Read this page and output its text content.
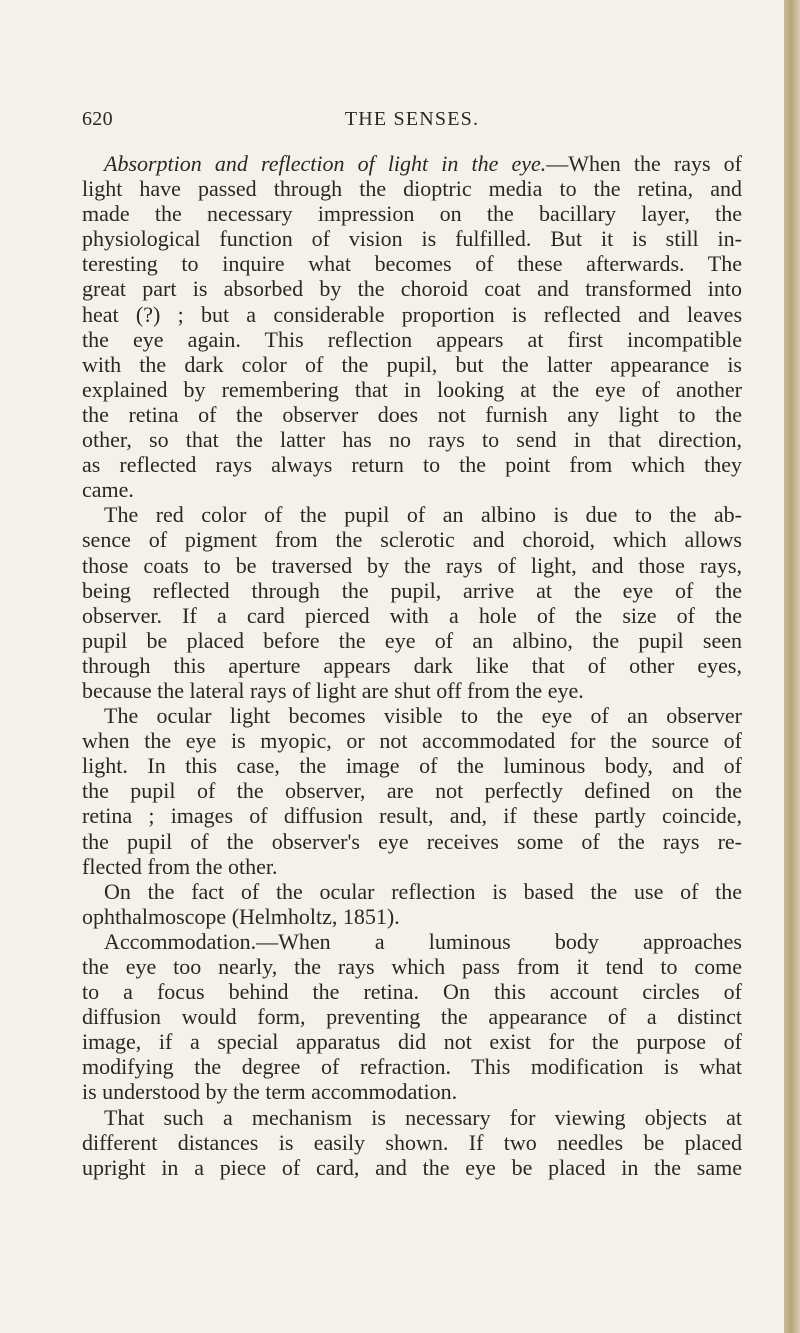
620	THE SENSES.
Absorption and reflection of light in the eye.—When the rays of
light have passed through the dioptric media to the retina, and
made the necessary impression on the bacillary layer, the
physiological function of vision is fulfilled. But it is still in-
teresting to inquire what becomes of these afterwards. The
great part is absorbed by the choroid coat and transformed into
heat (?) ; but a considerable proportion is reflected and leaves
the eye again. This reflection appears at first incompatible
with the dark color of the pupil, but the latter appearance is
explained by remembering that in looking at the eye of another
the retina of the observer does not furnish any light to the
other, so that the latter has no rays to send in that direction,
as reflected rays always return to the point from which they
came.
The red color of the pupil of an albino is due to the ab-
sence of pigment from the sclerotic and choroid, which allows
those coats to be traversed by the rays of light, and those rays,
being reflected through the pupil, arrive at the eye of the
observer. If a card pierced with a hole of the size of the
pupil be placed before the eye of an albino, the pupil seen
through this aperture appears dark like that of other eyes,
because the lateral rays of light are shut off from the eye.
The ocular light becomes visible to the eye of an observer
when the eye is myopic, or not accommodated for the source of
light. In this case, the image of the luminous body, and of
the pupil of the observer, are not perfectly defined on the
retina ; images of diffusion result, and, if these partly coincide,
the pupil of the observer's eye receives some of the rays re-
flected from the other.
On the fact of the ocular reflection is based the use of the
ophthalmoscope (Helmholtz, 1851).
Accommodation.—When a luminous body approaches
the eye too nearly, the rays which pass from it tend to come
to a focus behind the retina. On this account circles of
diffusion would form, preventing the appearance of a distinct
image, if a special apparatus did not exist for the purpose of
modifying the degree of refraction. This modification is what
is understood by the term accommodation.
That such a mechanism is necessary for viewing objects at
different distances is easily shown. If two needles be placed
upright in a piece of card, and the eye be placed in the same
